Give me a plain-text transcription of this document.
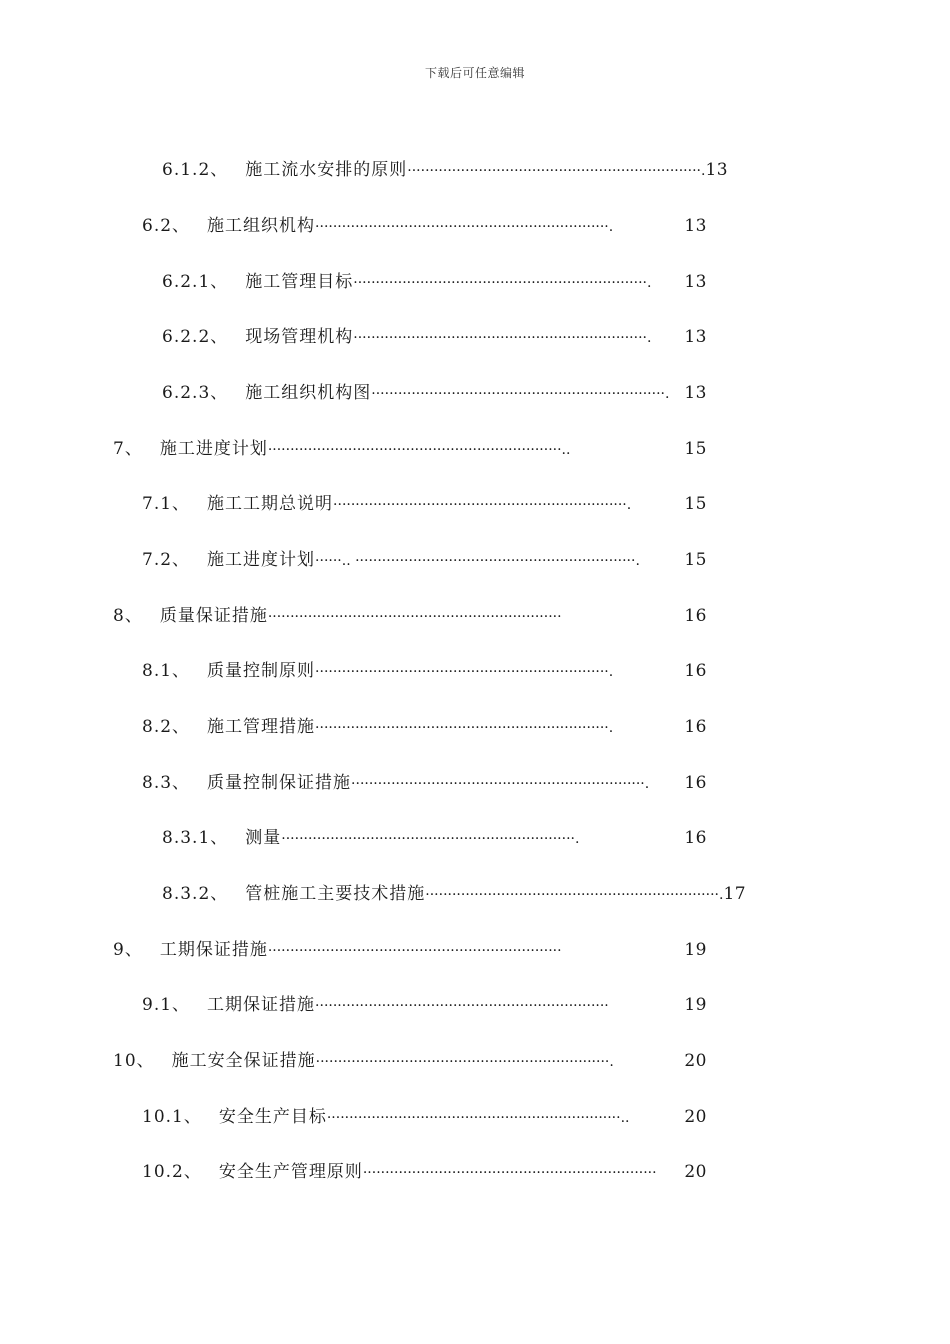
下载后可任意编辑
6.1.2 、 施工流水安排的原则 ··································································. 13
6.2 、 施工组织机构 ··································································.	13
6.2.1 、 施工管理目标 ··································································.	13
6.2.2 、 现场管理机构 ··································································.	13
6.2.3 、 施工组织机构图 ··································································. 13
7 、 施工进度计划 ··································································..	15
7.1 、 施工工期总说明 ··································································.	15
7.2 、 施工进度计划 ······.. ·······························································.	15
8 、 质量保证措施 ··································································	16
8.1 、 质量控制原则 ··································································.	16
8.2 、 施工管理措施 ··································································.	16
8.3 、 质量控制保证措施 ··································································.	16
8.3.1 、 测量 ··································································.	16
8.3.2 、 管桩施工主要技术措施 ··································································. 17
9 、 工期保证措施 ··································································	19
9.1 、 工期保证措施 ··································································	19
10 、 施工安全保证措施 ··································································.	20
10.1 、 安全生产目标 ··································································..	20
10.2 、 安全生产管理原则 ··································································	20
